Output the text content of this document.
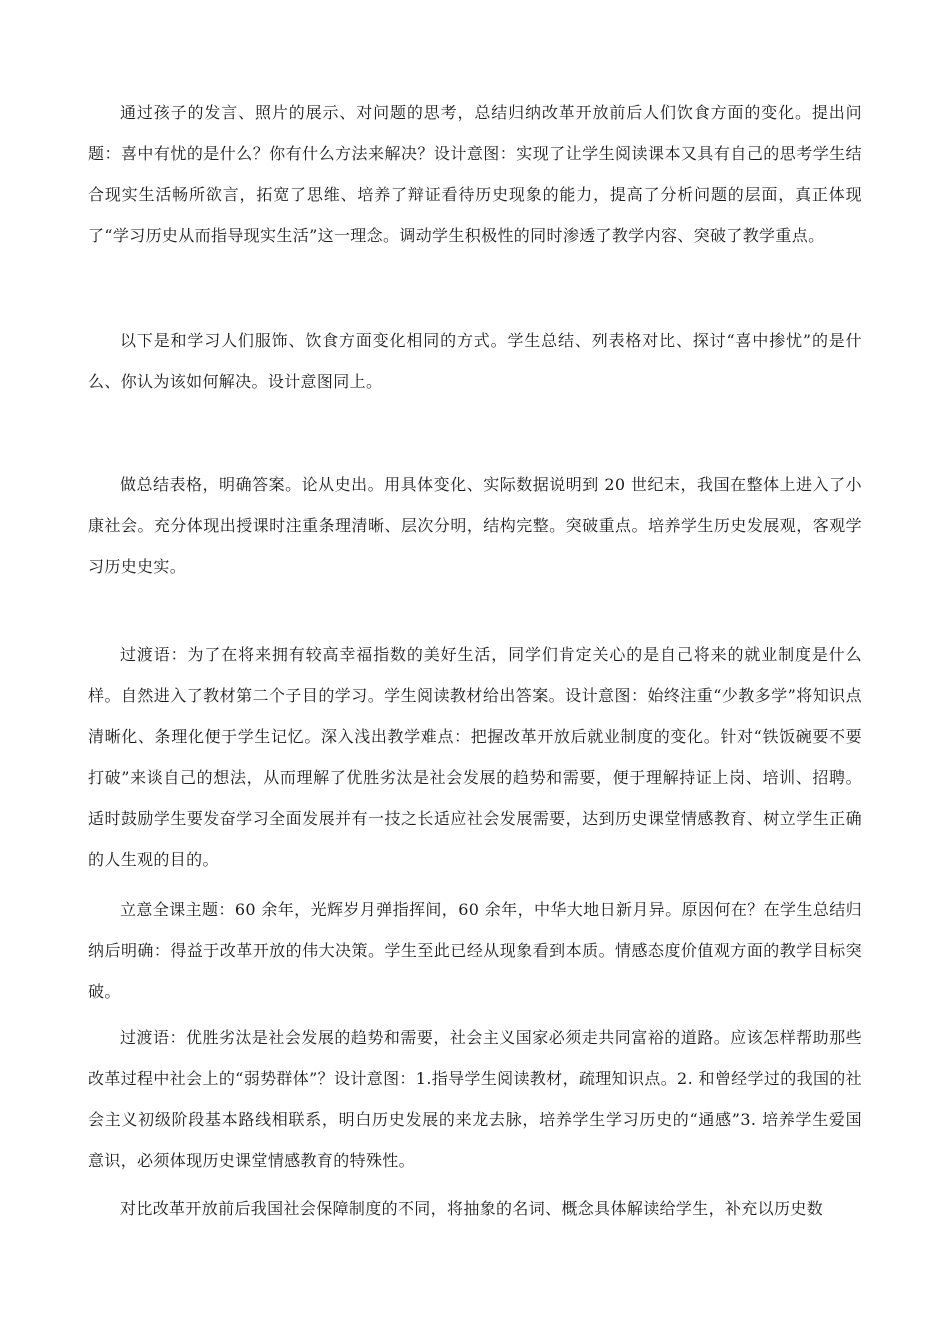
通过孩子的发言、照片的展示、对问题的思考，总结归纳改革开放前后人们饮食方面的变化。提出问题：喜中有忧的是什么？你有什么方法来解决？设计意图：实现了让学生阅读课本又具有自己的思考学生结合现实生活畅所欲言，拓宽了思维、培养了辩证看待历史现象的能力，提高了分析问题的层面，真正体现了“学习历史从而指导现实生活”这一理念。调动学生积极性的同时渗透了教学内容、突破了教学重点。

以下是和学习人们服饰、饮食方面变化相同的方式。学生总结、列表格对比、探讨“喜中掺忧”的是什么、你认为该如何解决。设计意图同上。

做总结表格，明确答案。论从史出。用具体变化、实际数据说明到 20 世纪末，我国在整体上进入了小康社会。充分体现出授课时注重条理清晰、层次分明，结构完整。突破重点。培养学生历史发展观，客观学习历史史实。

过渡语：为了在将来拥有较高幸福指数的美好生活，同学们肯定关心的是自己将来的就业制度是什么样。自然进入了教材第二个子目的学习。学生阅读教材给出答案。设计意图：始终注重“少教多学”将知识点清晰化、条理化便于学生记忆。深入浅出教学难点：把握改革开放后就业制度的变化。针对“铁饭碗要不要打破”来谈自己的想法，从而理解了优胜劣汰是社会发展的趋势和需要，便于理解持证上岗、培训、招聘。适时鼓励学生要发奋学习全面发展并有一技之长适应社会发展需要，达到历史课堂情感教育、树立学生正确的人生观的目的。

立意全课主题：60 余年，光辉岁月弹指挥间，60 余年，中华大地日新月异。原因何在？在学生总结归纳后明确：得益于改革开放的伟大决策。学生至此已经从现象看到本质。情感态度价值观方面的教学目标突破。

过渡语：优胜劣汰是社会发展的趋势和需要，社会主义国家必须走共同富裕的道路。应该怎样帮助那些改革过程中社会上的“弱势群体”？设计意图：1.指导学生阅读教材，疏理知识点。2. 和曾经学过的我国的社会主义初级阶段基本路线相联系，明白历史发展的来龙去脉，培养学生学习历史的“通感”3. 培养学生爱国意识，必须体现历史课堂情感教育的特殊性。

对比改革开放前后我国社会保障制度的不同，将抽象的名词、概念具体解读给学生，补充以历史数
